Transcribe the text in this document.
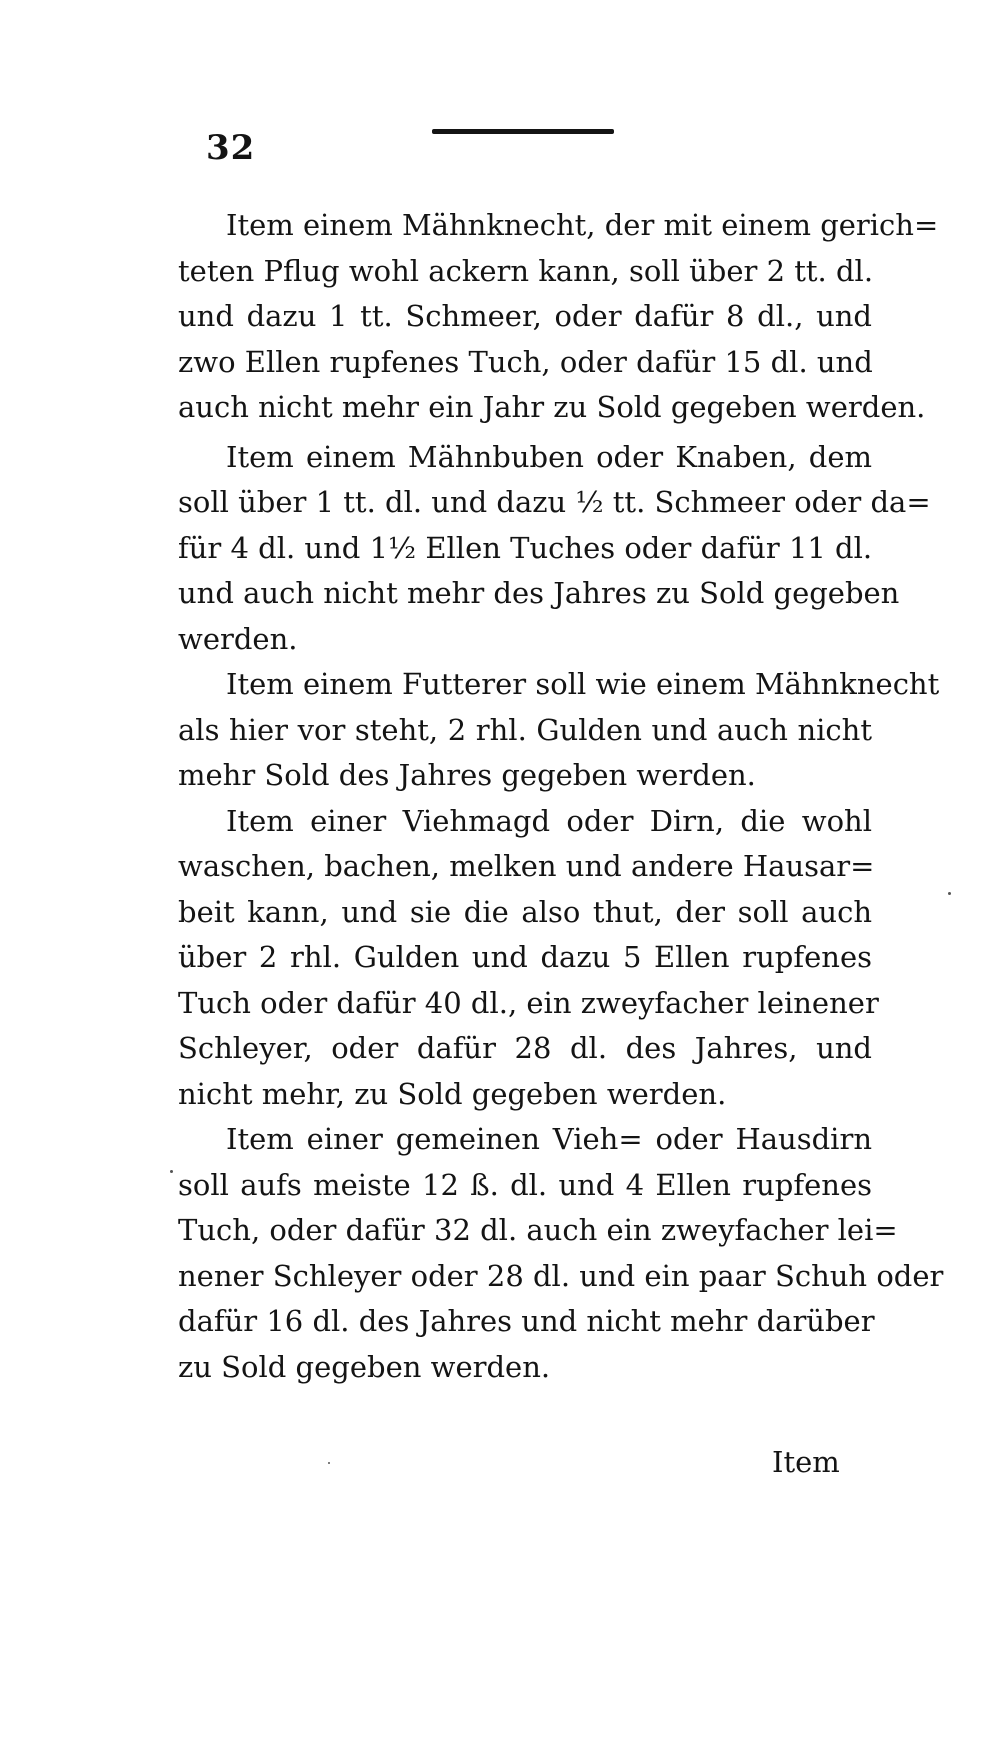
32
Item einem Mähnknecht, der mit einem gerich=
teten Pflug wohl ackern kann, soll über 2 tt. dl.
und dazu 1 tt. Schmeer, oder dafür 8 dl., und
zwo Ellen rupfenes Tuch, oder dafür 15 dl. und
auch nicht mehr ein Jahr zu Sold gegeben werden.
Item einem Mähnbuben oder Knaben, dem
soll über 1 tt. dl. und dazu ½ tt. Schmeer oder da=
für 4 dl. und 1½ Ellen Tuches oder dafür 11 dl.
und auch nicht mehr des Jahres zu Sold gegeben
werden.
Item einem Futterer soll wie einem Mähnknecht
als hier vor steht, 2 rhl. Gulden und auch nicht
mehr Sold des Jahres gegeben werden.
Item einer Viehmagd oder Dirn, die wohl
waschen, bachen, melken und andere Hausar=
beit kann, und sie die also thut, der soll auch
über 2 rhl. Gulden und dazu 5 Ellen rupfenes
Tuch oder dafür 40 dl., ein zweyfacher leinener
Schleyer, oder dafür 28 dl. des Jahres, und
nicht mehr, zu Sold gegeben werden.
Item einer gemeinen Vieh= oder Hausdirn
soll aufs meiste 12 ß. dl. und 4 Ellen rupfenes
Tuch, oder dafür 32 dl. auch ein zweyfacher lei=
nener Schleyer oder 28 dl. und ein paar Schuh oder
dafür 16 dl. des Jahres und nicht mehr darüber
zu Sold gegeben werden.
Item
